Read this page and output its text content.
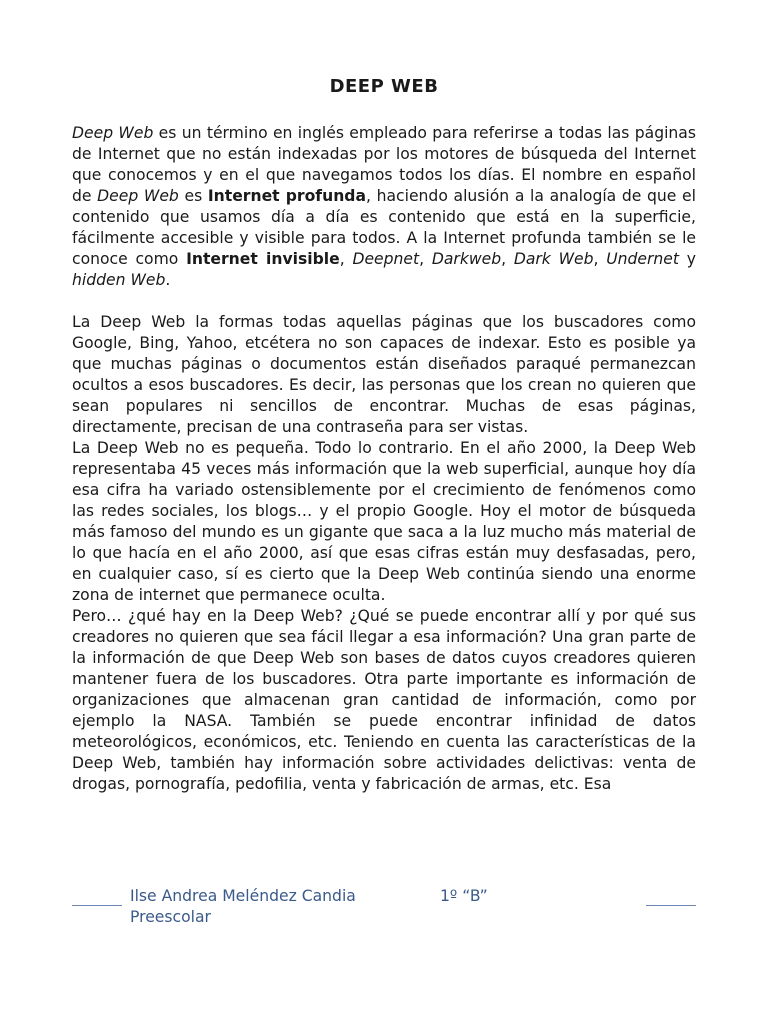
DEEP WEB

Deep Web es un término en inglés empleado para referirse a todas las páginas de Internet que no están indexadas por los motores de búsqueda del Internet que conocemos y en el que navegamos todos los días. El nombre en español de Deep Web es Internet profunda, haciendo alusión a la analogía de que el contenido que usamos día a día es contenido que está en la superficie, fácilmente accesible y visible para todos. A la Internet profunda también se le conoce como Internet invisible, Deepnet, Darkweb, Dark Web, Undernet y hidden Web.

La Deep Web la formas todas aquellas páginas que los buscadores como Google, Bing, Yahoo, etcétera no son capaces de indexar. Esto es posible ya que muchas páginas o documentos están diseñados paraqué permanezcan ocultos a esos buscadores. Es decir, las personas que los crean no quieren que sean populares ni sencillos de encontrar. Muchas de esas páginas, directamente, precisan de una contraseña para ser vistas.

La Deep Web no es pequeña. Todo lo contrario. En el año 2000, la Deep Web representaba 45 veces más información que la web superficial, aunque hoy día esa cifra ha variado ostensiblemente por el crecimiento de fenómenos como las redes sociales, los blogs… y el propio Google. Hoy el motor de búsqueda más famoso del mundo es un gigante que saca a la luz mucho más material de lo que hacía en el año 2000, así que esas cifras están muy desfasadas, pero, en cualquier caso, sí es cierto que la Deep Web continúa siendo una enorme zona de internet que permanece oculta.

Pero… ¿qué hay en la Deep Web? ¿Qué se puede encontrar allí y por qué sus creadores no quieren que sea fácil llegar a esa información? Una gran parte de la información de que Deep Web son bases de datos cuyos creadores quieren mantener fuera de los buscadores. Otra parte importante es información de organizaciones que almacenan gran cantidad de información, como por ejemplo la NASA. También se puede encontrar infinidad de datos meteorológicos, económicos, etc. Teniendo en cuenta las características de la Deep Web, también hay información sobre actividades delictivas: venta de drogas, pornografía, pedofilia, venta y fabricación de armas, etc. Esa

Ilse Andrea Meléndez Candia
Preescolar
1º “B”
